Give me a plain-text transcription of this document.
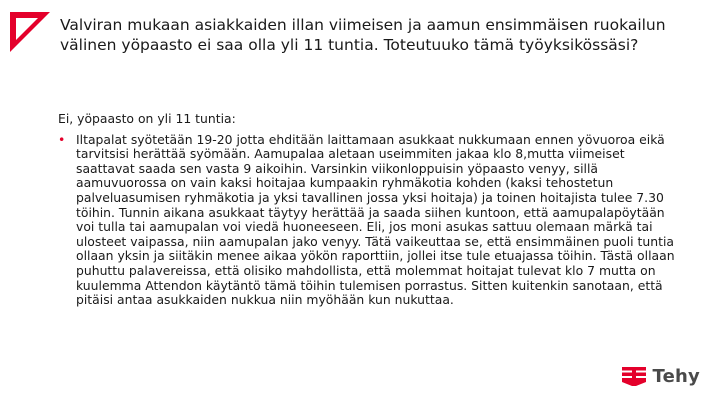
Valviran mukaan asiakkaiden illan viimeisen ja aamun ensimmäisen ruokailun välinen yöpaasto ei saa olla yli 11 tuntia. Toteutuuko tämä työyksikössäsi?

Ei, yöpaasto on yli 11 tuntia:

• Iltapalat syötetään 19-20 jotta ehditään laittamaan asukkaat nukkumaan ennen yövuoroa eikä tarvitsisi herättää syömään. Aamupalaa aletaan useimmiten jakaa klo 8,mutta viimeiset saattavat saada sen vasta 9 aikoihin. Varsinkin viikonloppuisin yöpaasto venyy, sillä aamuvuorossa on vain kaksi hoitajaa kumpaakin ryhmäkotia kohden (kaksi tehostetun palveluasumisen ryhmäkotia ja yksi tavallinen jossa yksi hoitaja) ja toinen hoitajista tulee 7.30 töihin. Tunnin aikana asukkaat täytyy herättää ja saada siihen kuntoon, että aamupalapöytään voi tulla tai aamupalan voi viedä huoneeseen. Eli, jos moni asukas sattuu olemaan märkä tai ulosteet vaipassa, niin aamupalan jako venyy. Tätä vaikeuttaa se, että ensimmäinen puoli tuntia ollaan yksin ja siitäkin menee aikaa yökön raporttiin, jollei itse tule etuajassa töihin. Tästä ollaan puhuttu palavereissa, että olisiko mahdollista, että molemmat hoitajat tulevat klo 7 mutta on kuulemma Attendon käytäntö tämä töihin tulemisen porrastus. Sitten kuitenkin sanotaan, että pitäisi antaa asukkaiden nukkua niin myöhään kun nukuttaa.
Tehy
